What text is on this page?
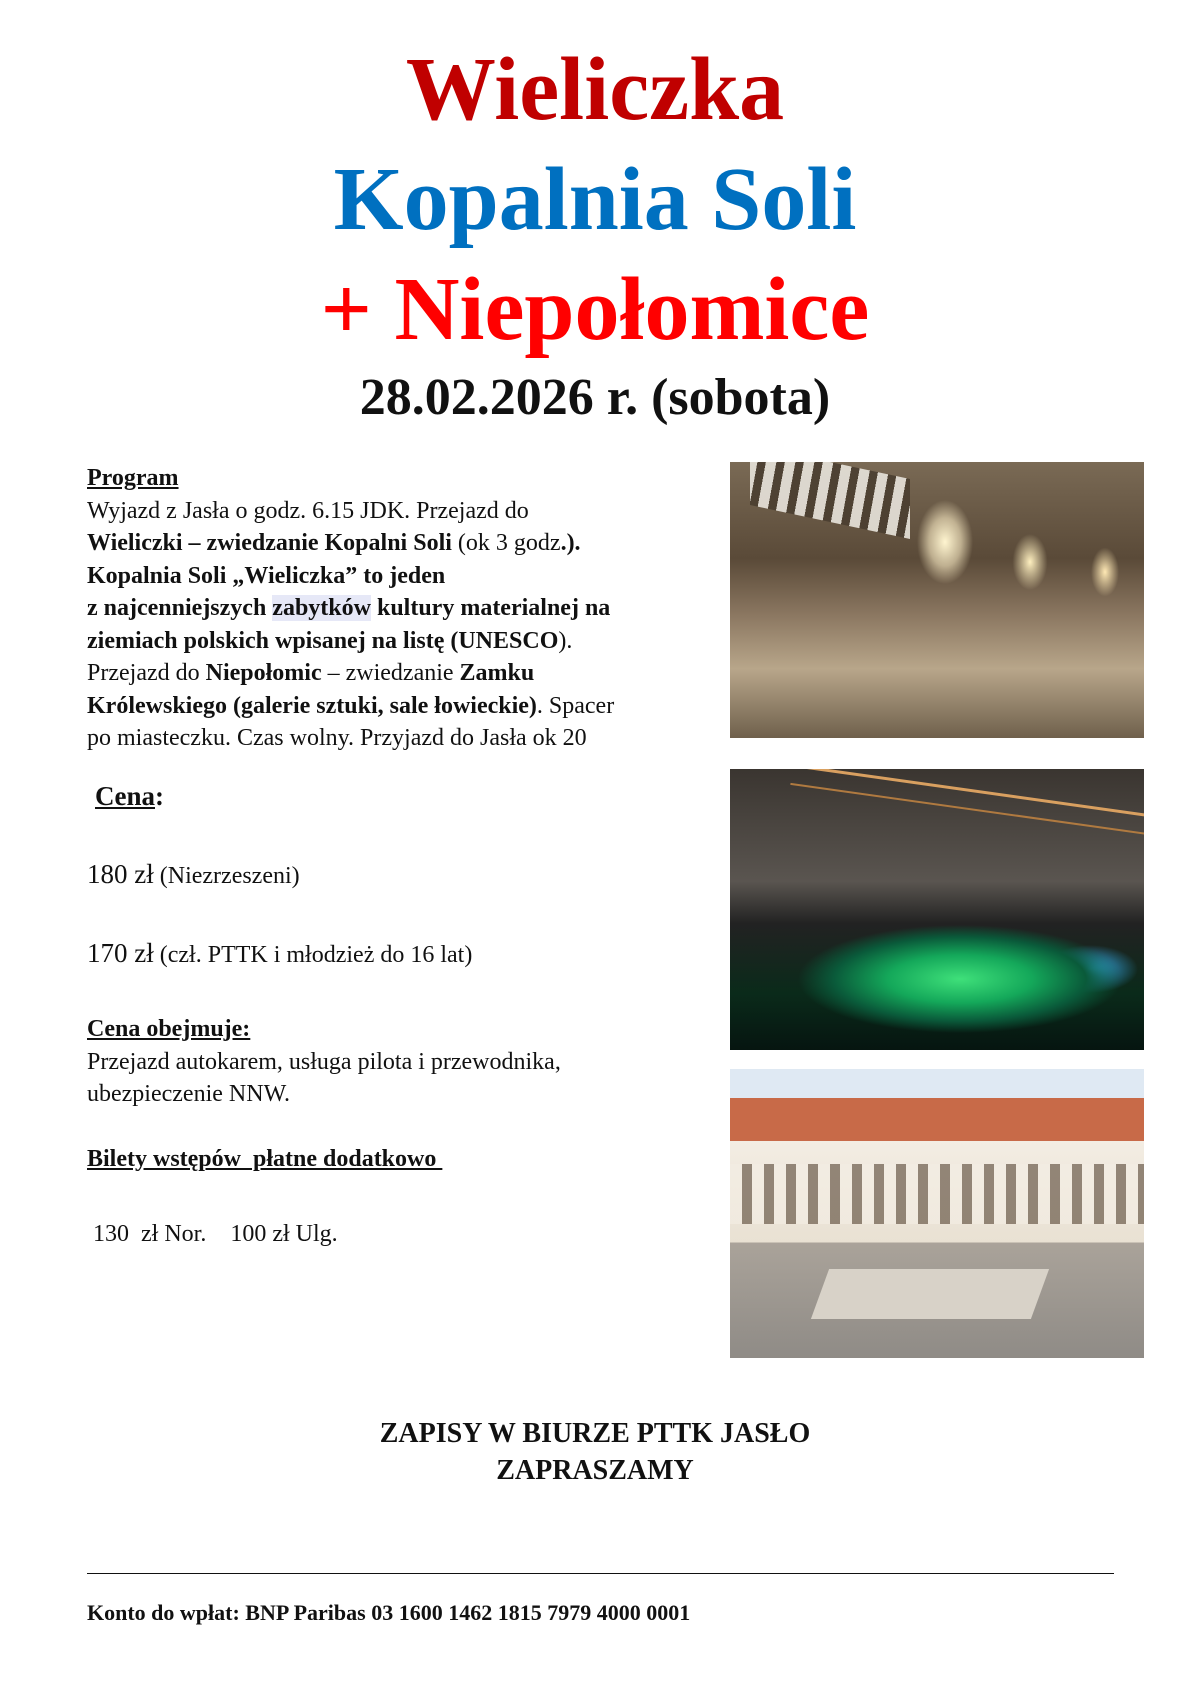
Wieliczka
Kopalnia Soli
+ Niepołomice
28.02.2026 r. (sobota)
Program
Wyjazd z Jasła o godz. 6.15 JDK. Przejazd do
Wieliczki – zwiedzanie Kopalni Soli (ok 3 godz.).
Kopalnia Soli „Wieliczka” to jeden
z najcenniejszych zabytków kultury materialnej na
ziemiach polskich wpisanej na listę (UNESCO).
Przejazd do Niepołomic – zwiedzanie Zamku
Królewskiego (galerie sztuki, sale łowieckie). Spacer
po miasteczku. Czas wolny. Przyjazd do Jasła ok 20
Cena:
180 zł (Niezrzeszeni)
170 zł (czł. PTTK i młodzież do 16 lat)
Cena obejmuje:
Przejazd autokarem, usługa pilota i przewodnika,
ubezpieczenie NNW.
Bilety wstępów  płatne dodatkowo
130  zł Nor.    100 zł Ulg.
ZAPISY W BIURZE PTTK JASŁO
ZAPRASZAMY
Konto do wpłat: BNP Paribas 03 1600 1462 1815 7979 4000 0001
